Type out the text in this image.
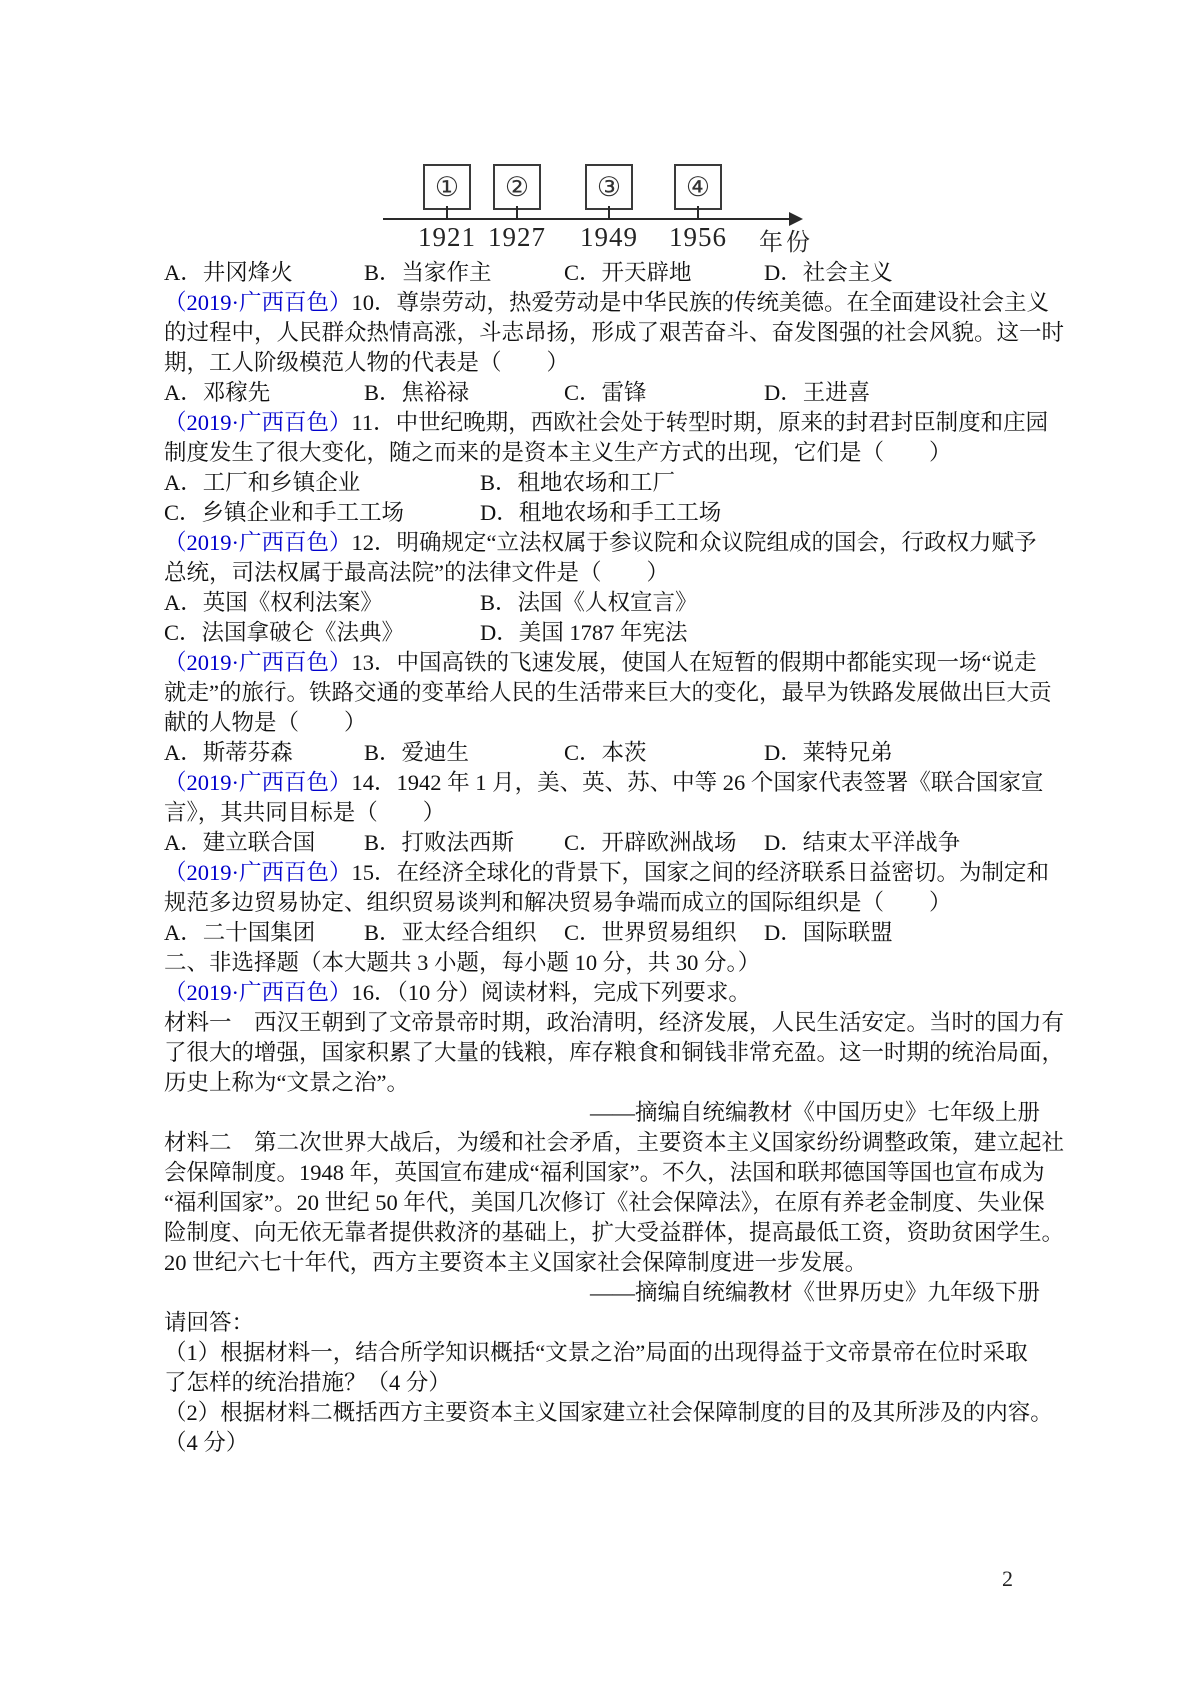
年份
①
1921
②
1927
③
1949
④
1956
A．井冈烽火	B．当家作主	C．开天辟地	D．社会主义
（2019·广西百色）10．尊崇劳动，热爱劳动是中华民族的传统美德。在全面建设社会主义
的过程中，人民群众热情高涨，斗志昂扬，形成了艰苦奋斗、奋发图强的社会风貌。这一时
期，工人阶级模范人物的代表是（　　）
A．邓稼先	B．焦裕禄	C．雷锋	D．王进喜
（2019·广西百色）11．中世纪晚期，西欧社会处于转型时期，原来的封君封臣制度和庄园
制度发生了很大变化，随之而来的是资本主义生产方式的出现，它们是（　　）
A．工厂和乡镇企业	B．租地农场和工厂
C．乡镇企业和手工工场	D．租地农场和手工工场
（2019·广西百色）12．明确规定“立法权属于参议院和众议院组成的国会，行政权力赋予
总统，司法权属于最高法院”的法律文件是（　　）
A．英国《权利法案》	B．法国《人权宣言》
C．法国拿破仑《法典》	D．美国 1787 年宪法
（2019·广西百色）13．中国高铁的飞速发展，使国人在短暂的假期中都能实现一场“说走
就走”的旅行。铁路交通的变革给人民的生活带来巨大的变化，最早为铁路发展做出巨大贡
献的人物是（　　）
A．斯蒂芬森	B．爱迪生	C．本茨	D．莱特兄弟
（2019·广西百色）14．1942 年 1 月，美、英、苏、中等 26 个国家代表签署《联合国家宣
言》，其共同目标是（　　）
A．建立联合国	B．打败法西斯	C．开辟欧洲战场	D．结束太平洋战争
（2019·广西百色）15．在经济全球化的背景下，国家之间的经济联系日益密切。为制定和
规范多边贸易协定、组织贸易谈判和解决贸易争端而成立的国际组织是（　　）
A．二十国集团	B．亚太经合组织	C．世界贸易组织	D．国际联盟
二、非选择题（本大题共 3 小题，每小题 10 分，共 30 分。）
（2019·广西百色）16．（10 分）阅读材料，完成下列要求。
材料一　西汉王朝到了文帝景帝时期，政治清明，经济发展，人民生活安定。当时的国力有
了很大的增强，国家积累了大量的钱粮，库存粮食和铜钱非常充盈。这一时期的统治局面，
历史上称为“文景之治”。
——摘编自统编教材《中国历史》七年级上册
材料二　第二次世界大战后，为缓和社会矛盾，主要资本主义国家纷纷调整政策，建立起社
会保障制度。1948 年，英国宣布建成“福利国家”。不久，法国和联邦德国等国也宣布成为
“福利国家”。20 世纪 50 年代，美国几次修订《社会保障法》，在原有养老金制度、失业保
险制度、向无依无靠者提供救济的基础上，扩大受益群体，提高最低工资，资助贫困学生。
20 世纪六七十年代，西方主要资本主义国家社会保障制度进一步发展。
——摘编自统编教材《世界历史》九年级下册
请回答：
（1）根据材料一，结合所学知识概括“文景之治”局面的出现得益于文帝景帝在位时采取
了怎样的统治措施？（4 分）
（2）根据材料二概括西方主要资本主义国家建立社会保障制度的目的及其所涉及的内容。
（4 分）
2
